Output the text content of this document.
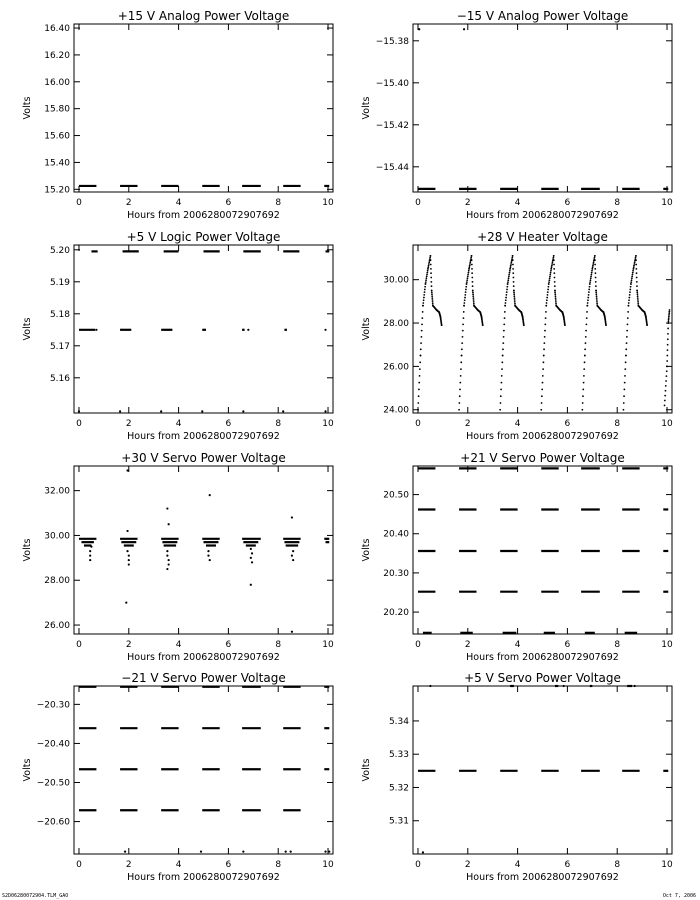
+15 V Analog Power Voltage
Hours from 2006280072907692
Volts
0	2	4	6	8	10
15.20
15.40
15.60
15.80
16.00
16.20
16.40
−15 V Analog Power Voltage
Hours from 2006280072907692
Volts
0	2	4	6	8	10
−15.44
−15.42
−15.40
−15.38
+5 V Logic Power Voltage
Hours from 2006280072907692
Volts
0	2	4	6	8	10
5.16
5.17
5.18
5.19
5.20
+28 V Heater Voltage
Hours from 2006280072907692
Volts
0	2	4	6	8	10
24.00
26.00
28.00
30.00
+30 V Servo Power Voltage
Hours from 2006280072907692
Volts
0	2	4	6	8	10
26.00
28.00
30.00
32.00
+21 V Servo Power Voltage
Hours from 2006280072907692
Volts
0	2	4	6	8	10
20.20
20.30
20.40
20.50
−21 V Servo Power Voltage
Hours from 2006280072907692
Volts
0	2	4	6	8	10
−20.60
−20.50
−20.40
−20.30
+5 V Servo Power Voltage
Hours from 2006280072907692
Volts
0	2	4	6	8	10
5.31
5.32
5.33
5.34
S2D06280072904.TLM_GAO	Oct 7, 2006
